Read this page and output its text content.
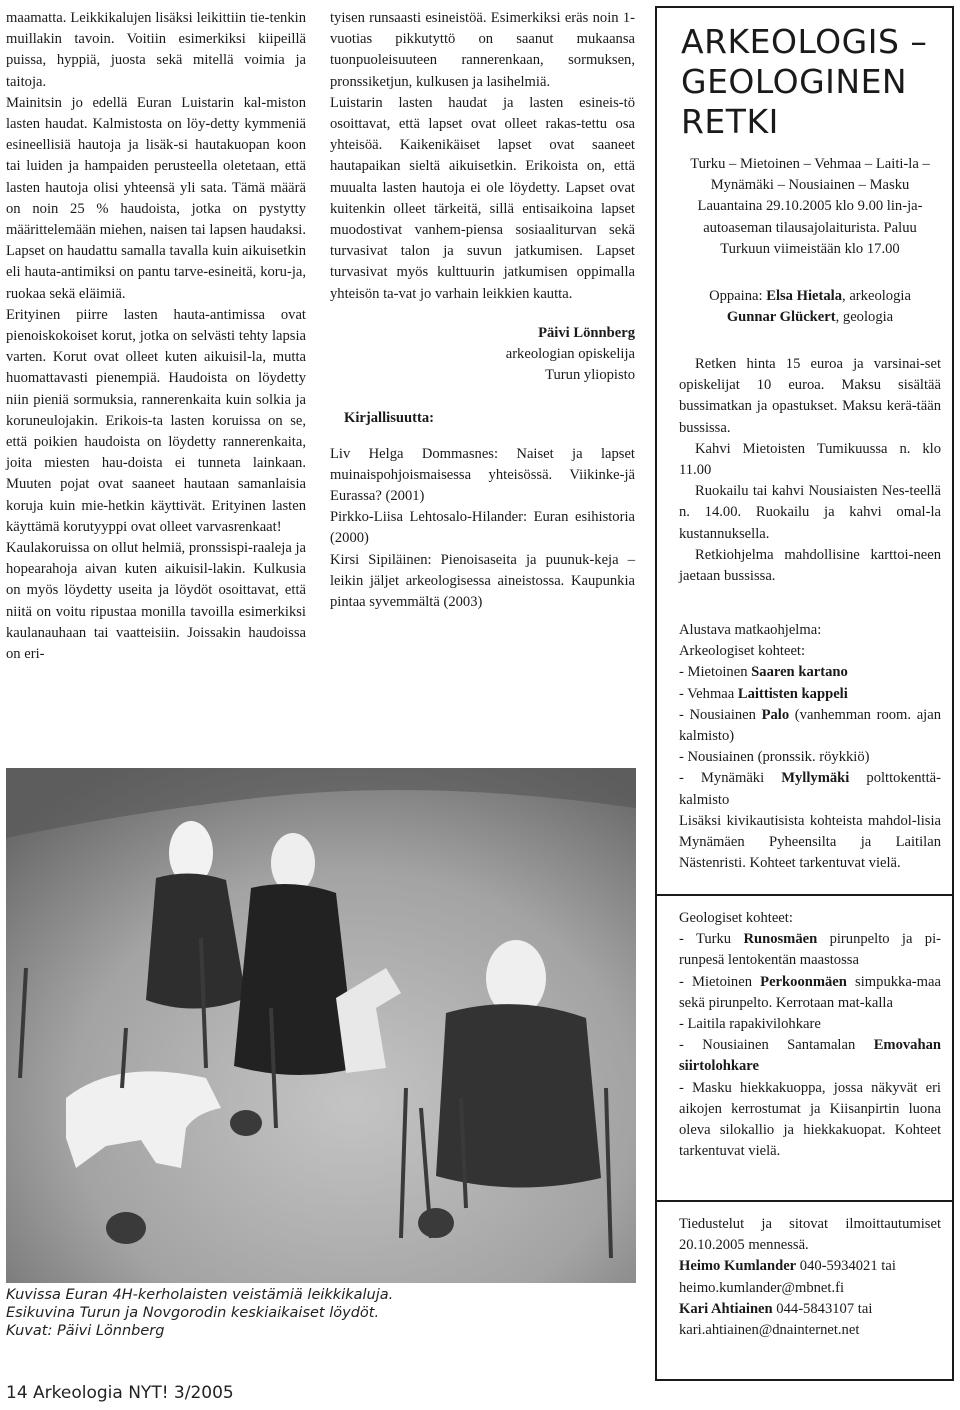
maamatta. Leikkikalujen lisäksi leikittiin tie-tenkin muillakin tavoin. Voitiin esimerkiksi kiipeillä puissa, hyppiä, juosta sekä mitellä voimia ja taitoja.

Mainitsin jo edellä Euran Luistarin kal-miston lasten haudat. Kalmistosta on löy-detty kymmeniä esineellisiä hautoja ja lisäk-si hautakuopan koon tai luiden ja hampaiden perusteella oletetaan, että lasten hautoja olisi yhteensä yli sata. Tämä määrä on noin 25 % haudoista, jotka on pystytty määrittelemään miehen, naisen tai lapsen haudaksi. Lapset on haudattu samalla tavalla kuin aikuisetkin eli hauta-antimiksi on pantu tarve-esineitä, koru-ja, ruokaa sekä eläimiä.

Erityinen piirre lasten hauta-antimissa ovat pienoiskokoiset korut, jotka on selvästi tehty lapsia varten. Korut ovat olleet kuten aikuisil-la, mutta huomattavasti pienempiä. Haudoista on löydetty niin pieniä sormuksia, rannerenkaita kuin solkia ja koruneulojakin. Erikois-ta lasten koruissa on se, että poikien haudoista on löydetty rannerenkaita, joita miesten hau-doista ei tunneta lainkaan. Muuten pojat ovat saaneet hautaan samanlaisia koruja kuin mie-hetkin käyttivät. Erityinen lasten käyttämä korutyyppi ovat olleet varvasrenkaat!

Kaulakoruissa on ollut helmiä, pronssispi-raaleja ja hopearahoja aivan kuten aikuisil-lakin. Kulkusia on myös löydetty useita ja löydöt osoittavat, että niitä on voitu ripustaa monilla tavoilla esimerkiksi kaulanauhaan tai vaatteisiin. Joissakin haudoissa on eri-

tyisen runsaasti esineistöä. Esimerkiksi eräs noin 1-vuotias pikkutyttö on saanut mukaansa tuonpuoleisuuteen rannerenkaan, sormuksen, pronssiketjun, kulkusen ja lasihelmiä.

Luistarin lasten haudat ja lasten esineis-tö osoittavat, että lapset ovat olleet rakas-tettu osa yhteisöä. Kaikenikäiset lapset ovat saaneet hautapaikan sieltä aikuisetkin. Erikoista on, että muualta lasten hautoja ei ole löydetty. Lapset ovat kuitenkin olleet tärkeitä, sillä entisaikoina lapset muodostivat vanhem-piensa sosiaaliturvan sekä turvasivat talon ja suvun jatkumisen. Lapset turvasivat myös kulttuurin jatkumisen oppimalla yhteisön ta-vat jo varhain leikkien kautta.

Päivi Lönnberg
arkeologian opiskelija
Turun yliopisto

Kirjallisuutta:

Liv Helga Dommasnes: Naiset ja lapset muinaispohjoismaisessa yhteisössä. Viikinke-jä Eurassa? (2001)

Pirkko-Liisa Lehtosalo-Hilander: Euran esihistoria (2000)

Kirsi Sipiläinen: Pienoisaseita ja puunuk-keja – leikin jäljet arkeologisessa aineistossa. Kaupunkia pintaa syvemmältä (2003)

Kuvissa Euran 4H-kerholaisten veistämiä leikkikaluja.
Esikuvina Turun ja Novgorodin keskiaikaiset löydöt.
Kuvat: Päivi Lönnberg
14 Arkeologia NYT! 3/2005
ARKEOLOGIS –
GEOLOGINEN
RETKI

Turku – Mietoinen – Vehmaa – Laiti-la – Mynämäki – Nousiainen – Masku

Lauantaina 29.10.2005 klo 9.00 lin-ja-autoaseman tilausajolaiturista. Paluu Turkuun viimeistään klo 17.00

Oppaina: Elsa Hietala, arkeologia

Gunnar Glückert, geologia

Retken hinta 15 euroa ja varsinai-set opiskelijat 10 euroa. Maksu sisältää bussimatkan ja opastukset. Maksu kerä-tään bussissa.

Kahvi Mietoisten Tumikuussa n. klo 11.00

Ruokailu tai kahvi Nousiaisten Nes-teellä n. 14.00. Ruokailu ja kahvi omal-la kustannuksella.

Retkiohjelma mahdollisine karttoi-neen jaetaan bussissa.

Alustava matkaohjelma:

Arkeologiset kohteet:

- Mietoinen Saaren kartano

- Vehmaa Laittisten kappeli

- Nousiainen Palo (vanhemman room. ajan kalmisto)

- Nousiainen (pronssik. röykkiö)

- Mynämäki Myllymäki polttokenttä-kalmisto

Lisäksi kivikautisista kohteista mahdol-lisia Mynämäen Pyheensilta ja Laitilan Nästenristi. Kohteet tarkentuvat vielä.

Geologiset kohteet:

- Turku Runosmäen pirunpelto ja pi-runpesä lentokentän maastossa

- Mietoinen Perkoonmäen simpukka-maa sekä pirunpelto. Kerrotaan mat-kalla

- Laitila rapakivilohkare

- Nousiainen Santamalan Emovahan siirtolohkare

- Masku hiekkakuoppa, jossa näkyvät eri aikojen kerrostumat ja Kiisanpirtin luona oleva silokallio ja hiekkakuopat. Kohteet tarkentuvat vielä.

Tiedustelut ja sitovat ilmoittautumiset 20.10.2005 mennessä.

Heimo Kumlander 040-5934021 tai

heimo.kumlander@mbnet.fi

Kari Ahtiainen 044-5843107 tai

kari.ahtiainen@dnainternet.net
